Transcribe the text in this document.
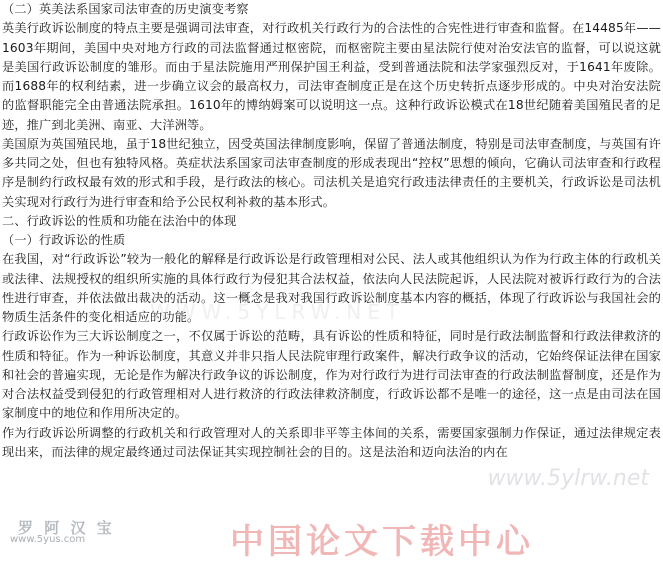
（二）英美法系国家司法审查的历史演变考察

英美行政诉讼制度的特点主要是强调司法审查，对行政机关行政行为的合法性的合宪性进行审查和监督。在14485年——1603年期间，美国中央对地方行政的司法监督通过枢密院，而枢密院主要由星法院行使对治安法官的监督，可以说这就是美国行政诉讼制度的雏形。而由于星法院施用严刑保护国王利益，受到普通法院和法学家强烈反对，于1641年废除。而1688年的权利结素，进一步确立议会的最高权力，司法审查制度正是在这个历史转折点逐步形成的。中央对治安法院的监督职能完全由普通法院承担。1610年的博纳姆案可以说明这一点。这种行政诉讼模式在18世纪随着美国殖民者的足迹，推广到北美洲、南亚、大洋洲等。

美国原为英国殖民地，虽于18世纪独立，因受英国法律制度影响，保留了普通法制度，特别是司法审查制度，与英国有许多共同之处，但也有独特风格。英症状法系国家司法审查制度的形成表现出“控权”思想的倾向，它确认司法审查和行政程序是制约行政权最有效的形式和手段，是行政法的核心。司法机关是追究行政违法律责任的主要机关，行政诉讼是司法机关实现对行政行为进行审查和给予公民权利补救的基本形式。

二、行政诉讼的性质和功能在法治中的体现

（一）行政诉讼的性质

在我国，对“行政诉讼”较为一般化的解释是行政诉讼是行政管理相对公民、法人或其他组织认为作为行政主体的行政机关或法律、法规授权的组织所实施的具体行政行为侵犯其合法权益，依法向人民法院起诉，人民法院对被诉行政行为的合法性进行审查，并依法做出裁决的活动。这一概念是我对我国行政诉讼制度基本内容的概括，体现了行政诉讼与我国社会的物质生活条件的变化相适应的功能。

行政诉讼作为三大诉讼制度之一，不仅属于诉讼的范畴，具有诉讼的性质和特征，同时是行政法制监督和行政法律救济的性质和特征。作为一种诉讼制度，其意义并非只指人民法院审理行政案件，解决行政争议的活动，它始终保证法律在国家和社会的普遍实现，无论是作为解决行政争议的诉讼制度，作为对行政行为进行司法审查的行政法制监督制度，还是作为对合法权益受到侵犯的行政管理相对人进行救济的行政法律救济制度，行政诉讼都不是唯一的途径，这一点是由司法在国家制度中的地位和作用所决定的。

作为行政诉讼所调整的行政机关和行政管理对人的关系即非平等主体间的关系，需要国家强制力作保证，通过法律规定表现出来，而法律的规定最终通过司法保证其实现控制社会的目的。这是法治和迈向法治的内在

WWW.5YLRW.NET
www.5ylrw.net
中国论文下载中心
罗 阿 汉 宝
www.5yus.com
